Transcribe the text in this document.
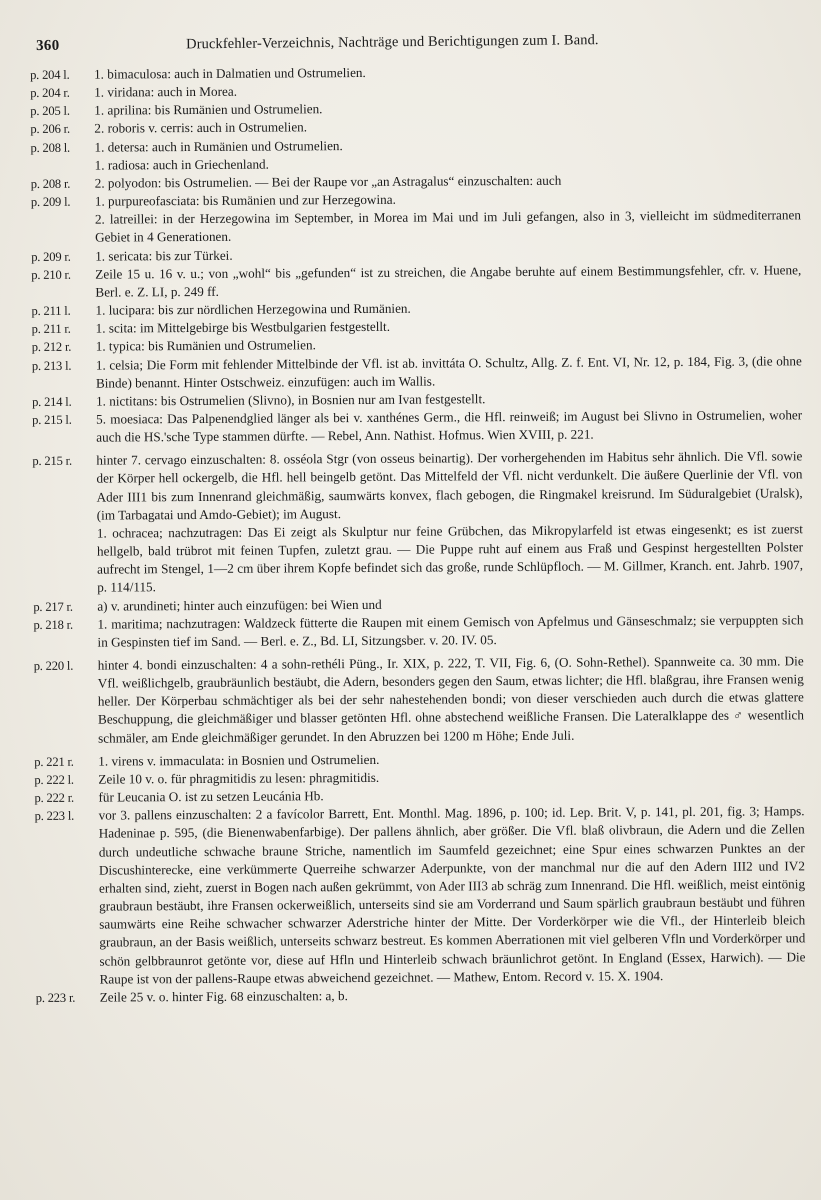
360	Druckfehler-Verzeichnis, Nachträge und Berichtigungen zum I. Band.
p. 204 l.	1. bimaculosa: auch in Dalmatien und Ostrumelien.
p. 204 r.	1. viridana: auch in Morea.
p. 205 l.	1. aprilina: bis Rumänien und Ostrumelien.
p. 206 r.	2. roboris v. cerris: auch in Ostrumelien.
p. 208 l.	1. detersa: auch in Rumänien und Ostrumelien.
1. radiosa: auch in Griechenland.
p. 208 r.	2. polyodon: bis Ostrumelien. — Bei der Raupe vor „an Astragalus“ einzuschalten: auch
p. 209 l.	1. purpureofasciata: bis Rumänien und zur Herzegowina.
2. latreillei: in der Herzegowina im September, in Morea im Mai und im Juli gefangen, also in 3, vielleicht im südmediterranen Gebiet in 4 Generationen.
p. 209 r.	1. sericata: bis zur Türkei.
p. 210 r.	Zeile 15 u. 16 v. u.; von „wohl“ bis „gefunden“ ist zu streichen, die Angabe beruhte auf einem Bestimmungsfehler, cfr. v. Huene, Berl. e. Z. LI, p. 249 ff.
p. 211 l.	1. lucipara: bis zur nördlichen Herzegowina und Rumänien.
p. 211 r.	1. scita: im Mittelgebirge bis Westbulgarien festgestellt.
p. 212 r.	1. typica: bis Rumänien und Ostrumelien.
p. 213 l.	1. celsia; Die Form mit fehlender Mittelbinde der Vfl. ist ab. invittáta O. Schultz, Allg. Z. f. Ent. VI, Nr. 12, p. 184, Fig. 3, (die ohne Binde) benannt. Hinter Ostschweiz. einzufügen: auch im Wallis.
p. 214 l.	1. nictitans: bis Ostrumelien (Slivno), in Bosnien nur am Ivan festgestellt.
p. 215 l.	5. moesiaca: Das Palpenendglied länger als bei v. xanthénes Germ., die Hfl. reinweiß; im August bei Slivno in Ostrumelien, woher auch die HS.'sche Type stammen dürfte. — Rebel, Ann. Nathist. Hofmus. Wien XVIII, p. 221.
p. 215 r.	hinter 7. cervago einzuschalten: 8. osséola Stgr (von osseus beinartig). Der vorhergehenden im Habitus sehr ähnlich. Die Vfl. sowie der Körper hell ockergelb, die Hfl. hell beingelb getönt. Das Mittelfeld der Vfl. nicht verdunkelt. Die äußere Querlinie der Vfl. von Ader III1 bis zum Innenrand gleichmäßig, saumwärts konvex, flach gebogen, die Ringmakel kreisrund. Im Süduralgebiet (Uralsk), (im Tarbagatai und Amdo-Gebiet); im August.
1. ochracea; nachzutragen: Das Ei zeigt als Skulptur nur feine Grübchen, das Mikropylarfeld ist etwas eingesenkt; es ist zuerst hellgelb, bald trübrot mit feinen Tupfen, zuletzt grau. — Die Puppe ruht auf einem aus Fraß und Gespinst hergestellten Polster aufrecht im Stengel, 1—2 cm über ihrem Kopfe befindet sich das große, runde Schlüpfloch. — M. Gillmer, Kranch. ent. Jahrb. 1907, p. 114/115.
p. 217 r.	a) v. arundineti; hinter auch einzufügen: bei Wien und
p. 218 r.	1. maritima; nachzutragen: Waldzeck fütterte die Raupen mit einem Gemisch von Apfelmus und Gänseschmalz; sie verpuppten sich in Gespinsten tief im Sand. — Berl. e. Z., Bd. LI, Sitzungsber. v. 20. IV. 05.
p. 220 l.	hinter 4. bondi einzuschalten: 4 a sohn-rethéli Püng., Ir. XIX, p. 222, T. VII, Fig. 6, (O. Sohn-Rethel). Spannweite ca. 30 mm. Die Vfl. weißlichgelb, graubräunlich bestäubt, die Adern, besonders gegen den Saum, etwas lichter; die Hfl. blaßgrau, ihre Fransen wenig heller. Der Körperbau schmächtiger als bei der sehr nahestehenden bondi; von dieser verschieden auch durch die etwas glattere Beschuppung, die gleichmäßiger und blasser getönten Hfl. ohne abstechend weißliche Fransen. Die Lateralklappe des ♂ wesentlich schmäler, am Ende gleichmäßiger gerundet. In den Abruzzen bei 1200 m Höhe; Ende Juli.
p. 221 r.	1. virens v. immaculata: in Bosnien und Ostrumelien.
p. 222 l.	Zeile 10 v. o. für phragmitidis zu lesen: phragmitidis.
p. 222 r.	für Leucania O. ist zu setzen Leucánia Hb.
p. 223 l.	vor 3. pallens einzuschalten: 2 a favícolor Barrett, Ent. Monthl. Mag. 1896, p. 100; id. Lep. Brit. V, p. 141, pl. 201, fig. 3; Hamps. Hadeninae p. 595, (die Bienenwabenfarbige). Der pallens ähnlich, aber größer. Die Vfl. blaß olivbraun, die Adern und die Zellen durch undeutliche schwache braune Striche, namentlich im Saumfeld gezeichnet; eine Spur eines schwarzen Punktes an der Discushinterecke, eine verkümmerte Querreihe schwarzer Aderpunkte, von der manchmal nur die auf den Adern III2 und IV2 erhalten sind, zieht, zuerst in Bogen nach außen gekrümmt, von Ader III3 ab schräg zum Innenrand. Die Hfl. weißlich, meist eintönig graubraun bestäubt, ihre Fransen ockerweißlich, unterseits sind sie am Vorderrand und Saum spärlich graubraun bestäubt und führen saumwärts eine Reihe schwacher schwarzer Aderstriche hinter der Mitte. Der Vorderkörper wie die Vfl., der Hinterleib bleich graubraun, an der Basis weißlich, unterseits schwarz bestreut. Es kommen Aberrationen mit viel gelberen Vfln und Vorderkörper und schön gelbbraunrot getönte vor, diese auf Hfln und Hinterleib schwach bräunlichrot getönt. In England (Essex, Harwich). — Die Raupe ist von der pallens-Raupe etwas abweichend gezeichnet. — Mathew, Entom. Record v. 15. X. 1904.
p. 223 r.	Zeile 25 v. o. hinter Fig. 68 einzuschalten: a, b.
